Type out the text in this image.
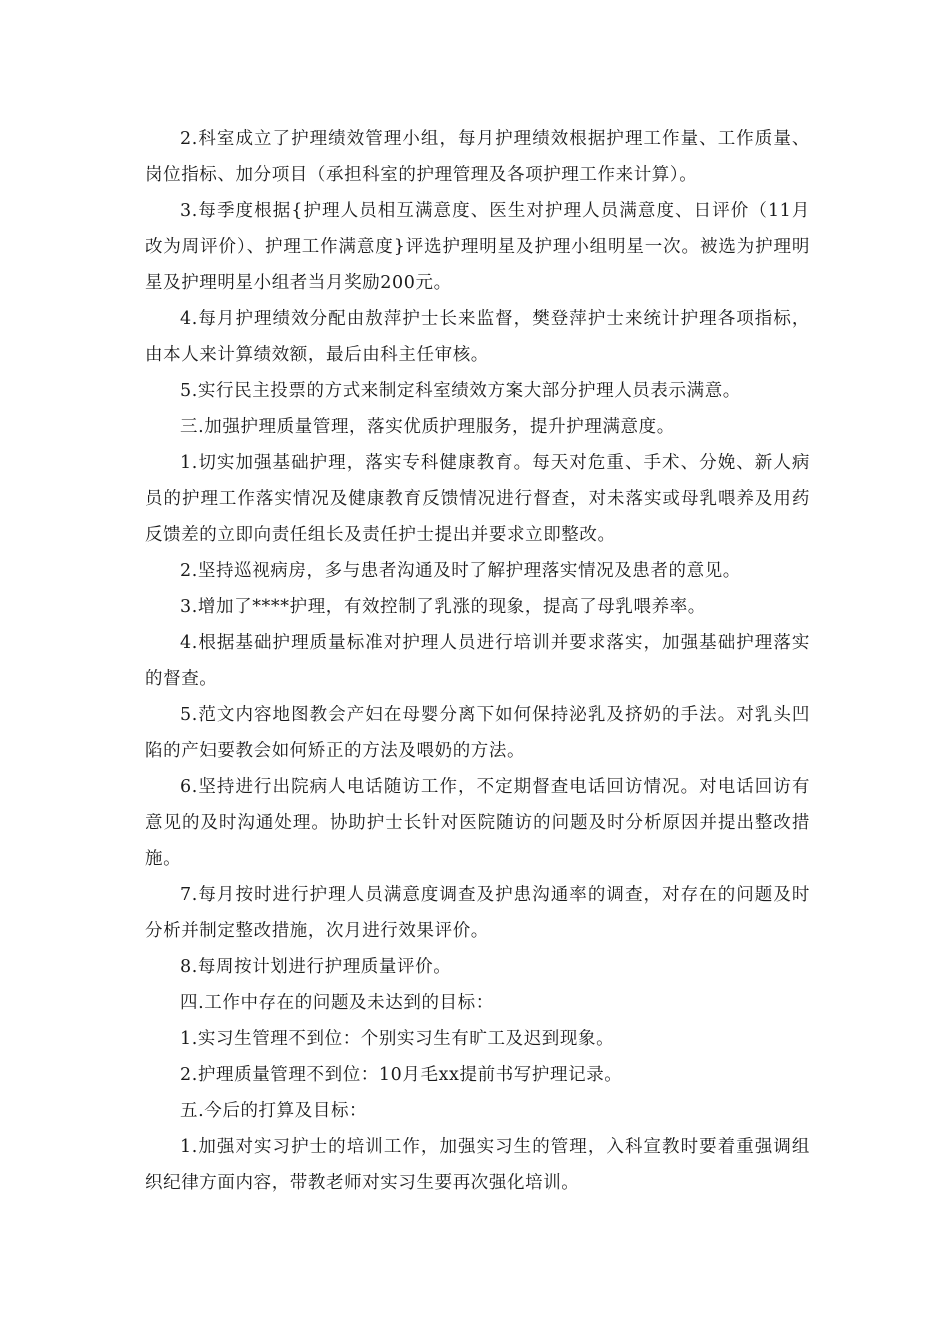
2.科室成立了护理绩效管理小组，每月护理绩效根据护理工作量、工作质量、岗位指标、加分项目（承担科室的护理管理及各项护理工作来计算）。

3.每季度根据{护理人员相互满意度、医生对护理人员满意度、日评价（11月改为周评价）、护理工作满意度}评选护理明星及护理小组明星一次。被选为护理明星及护理明星小组者当月奖励200元。

4.每月护理绩效分配由敖萍护士长来监督，樊登萍护士来统计护理各项指标，由本人来计算绩效额，最后由科主任审核。

5.实行民主投票的方式来制定科室绩效方案大部分护理人员表示满意。

三.加强护理质量管理，落实优质护理服务，提升护理满意度。

1.切实加强基础护理，落实专科健康教育。每天对危重、手术、分娩、新人病员的护理工作落实情况及健康教育反馈情况进行督查，对未落实或母乳喂养及用药反馈差的立即向责任组长及责任护士提出并要求立即整改。

2.坚持巡视病房，多与患者沟通及时了解护理落实情况及患者的意见。

3.增加了****护理，有效控制了乳涨的现象，提高了母乳喂养率。

4.根据基础护理质量标准对护理人员进行培训并要求落实，加强基础护理落实的督查。

5.范文内容地图教会产妇在母婴分离下如何保持泌乳及挤奶的手法。对乳头凹陷的产妇要教会如何矫正的方法及喂奶的方法。

6.坚持进行出院病人电话随访工作，不定期督查电话回访情况。对电话回访有意见的及时沟通处理。协助护士长针对医院随访的问题及时分析原因并提出整改措施。

7.每月按时进行护理人员满意度调查及护患沟通率的调查，对存在的问题及时分析并制定整改措施，次月进行效果评价。

8.每周按计划进行护理质量评价。

四.工作中存在的问题及未达到的目标：

1.实习生管理不到位：个别实习生有旷工及迟到现象。

2.护理质量管理不到位：10月毛xx提前书写护理记录。

五.今后的打算及目标：

1.加强对实习护士的培训工作，加强实习生的管理，入科宣教时要着重强调组织纪律方面内容，带教老师对实习生要再次强化培训。
